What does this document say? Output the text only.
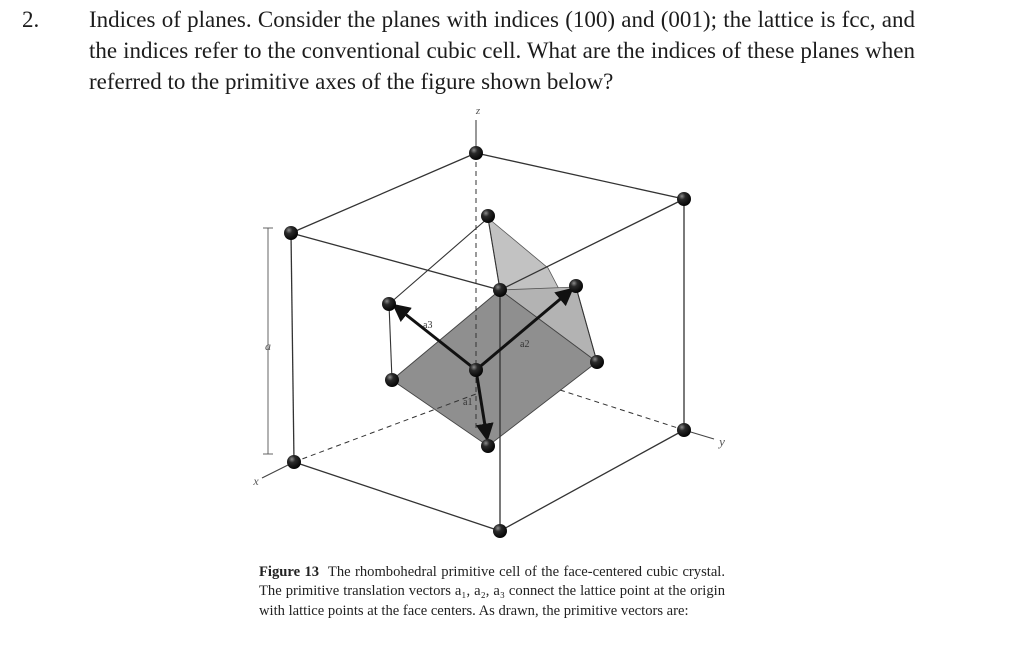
2. Indices of planes. Consider the planes with indices (100) and (001); the lattice is fcc, and the indices refer to the conventional cubic cell. What are the indices of these planes when referred to the primitive axes of the figure shown below?
z
x
y
a
a1
a2
a3
Figure 13 The rhombohedral primitive cell of the face-centered cubic crystal. The primitive translation vectors a₁, a₂, a₃ connect the lattice point at the origin with lattice points at the face centers. As drawn, the primitive vectors are:
